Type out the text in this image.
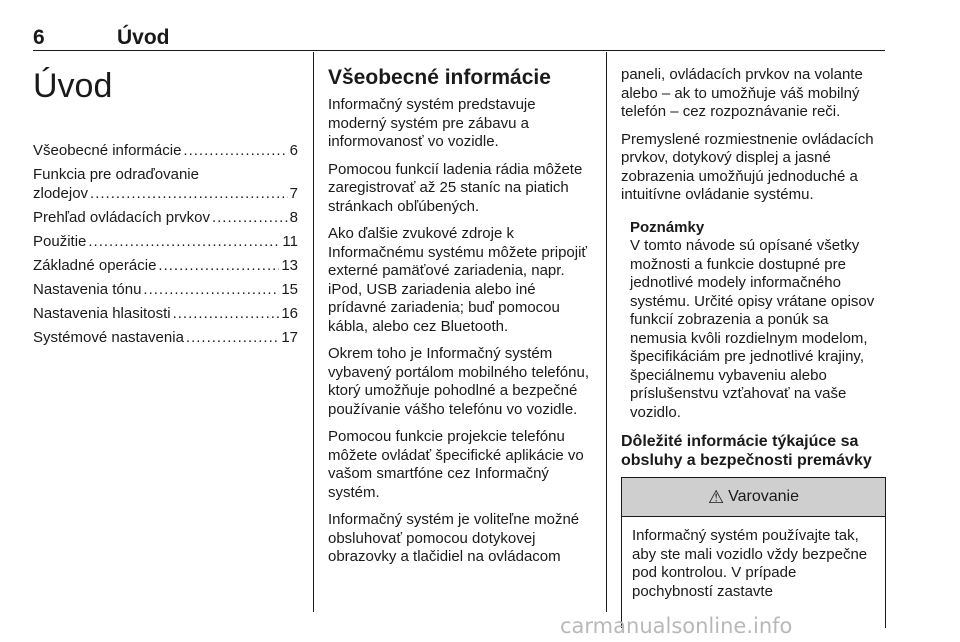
6	Úvod
Úvod
Všeobecné informácie .....	6
Funkcia pre odraďovanie
zlodejov .....	7
Prehľad ovládacích prvkov .....	8
Použitie .....	11
Základné operácie .....	13
Nastavenia tónu .....	15
Nastavenia hlasitosti .....	16
Systémové nastavenia .....	17
Všeobecné informácie

Informačný systém predstavuje moderný systém pre zábavu a informovanosť vo vozidle.

Pomocou funkcií ladenia rádia môžete zaregistrovať až 25 staníc na piatich stránkach obľúbených.

Ako ďalšie zvukové zdroje k Informačnému systému môžete pripojiť externé pamäťové zariadenia, napr. iPod, USB zariadenia alebo iné prídavné zariadenia; buď pomocou kábla, alebo cez Bluetooth.

Okrem toho je Informačný systém vybavený portálom mobilného telefónu, ktorý umožňuje pohodlné a bezpečné používanie vášho telefónu vo vozidle.

Pomocou funkcie projekcie telefónu môžete ovládať špecifické aplikácie vo vašom smartfóne cez Informačný systém.

Informačný systém je voliteľne možné obsluhovať pomocou dotykovej obrazovky a tlačidiel na ovládacom

paneli, ovládacích prvkov na volante alebo – ak to umožňuje váš mobilný telefón – cez rozpoznávanie reči.

Premyslené rozmiestnenie ovládacích prvkov, dotykový displej a jasné zobrazenia umožňujú jednoduché a intuitívne ovládanie systému.

Poznámky
V tomto návode sú opísané všetky možnosti a funkcie dostupné pre jednotlivé modely informačného systému. Určité opisy vrátane opisov funkcií zobrazenia a ponúk sa nemusia kvôli rozdielnym modelom, špecifikáciám pre jednotlivé krajiny, špeciálnemu vybaveniu alebo príslušenstvu vzťahovať na vaše vozidlo.
Dôležité informácie týkajúce sa obsluhy a bezpečnosti premávky
⚠ Varovanie
Informačný systém používajte tak, aby ste mali vozidlo vždy bezpečne pod kontrolou. V prípade pochybností zastavte
carmanualsonline.info
